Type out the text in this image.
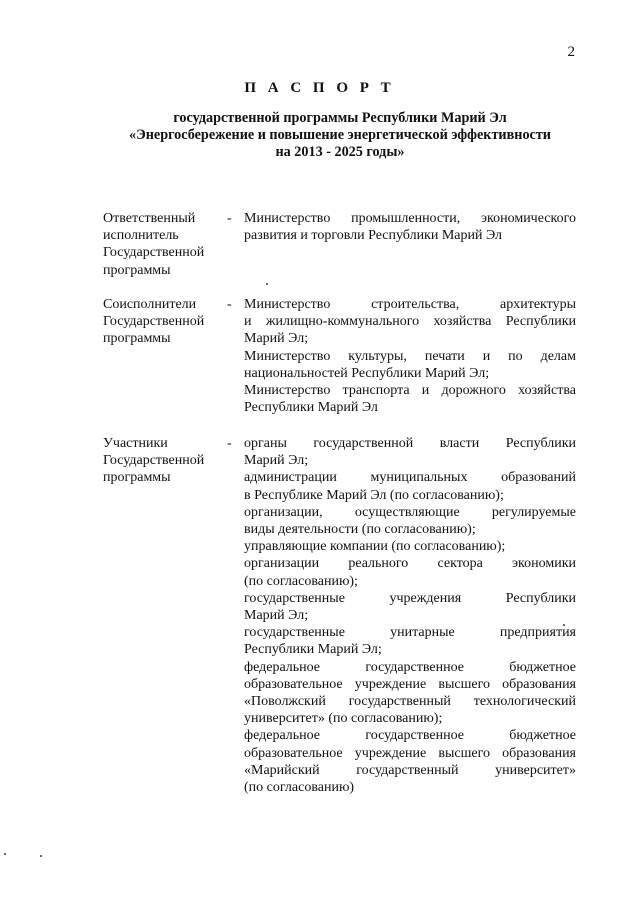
2
П А С П О Р Т
государственной программы Республики Марий Эл
«Энергосбережение и повышение энергетической эффективности
на 2013 - 2025 годы»
Ответственный
исполнитель
Государственной
программы
- Министерство промышленности, экономического
развития и торговли Республики Марий Эл
Соисполнители
Государственной
программы
- Министерство строительства, архитектуры
и жилищно-коммунального хозяйства Республики
Марий Эл;
Министерство культуры, печати и по делам
национальностей Республики Марий Эл;
Министерство транспорта и дорожного хозяйства
Республики Марий Эл
Участники
Государственной
программы
- органы государственной власти Республики
Марий Эл;
администрации муниципальных образований
в Республике Марий Эл (по согласованию);
организации, осуществляющие регулируемые
виды деятельности (по согласованию);
управляющие компании (по согласованию);
организации реального сектора экономики
(по согласованию);
государственные учреждения Республики
Марий Эл;
государственные унитарные предприятия
Республики Марий Эл;
федеральное государственное бюджетное
образовательное учреждение высшего образования
«Поволжский государственный технологический
университет» (по согласованию);
федеральное государственное бюджетное
образовательное учреждение высшего образования
«Марийский государственный университет»
(по согласованию)
